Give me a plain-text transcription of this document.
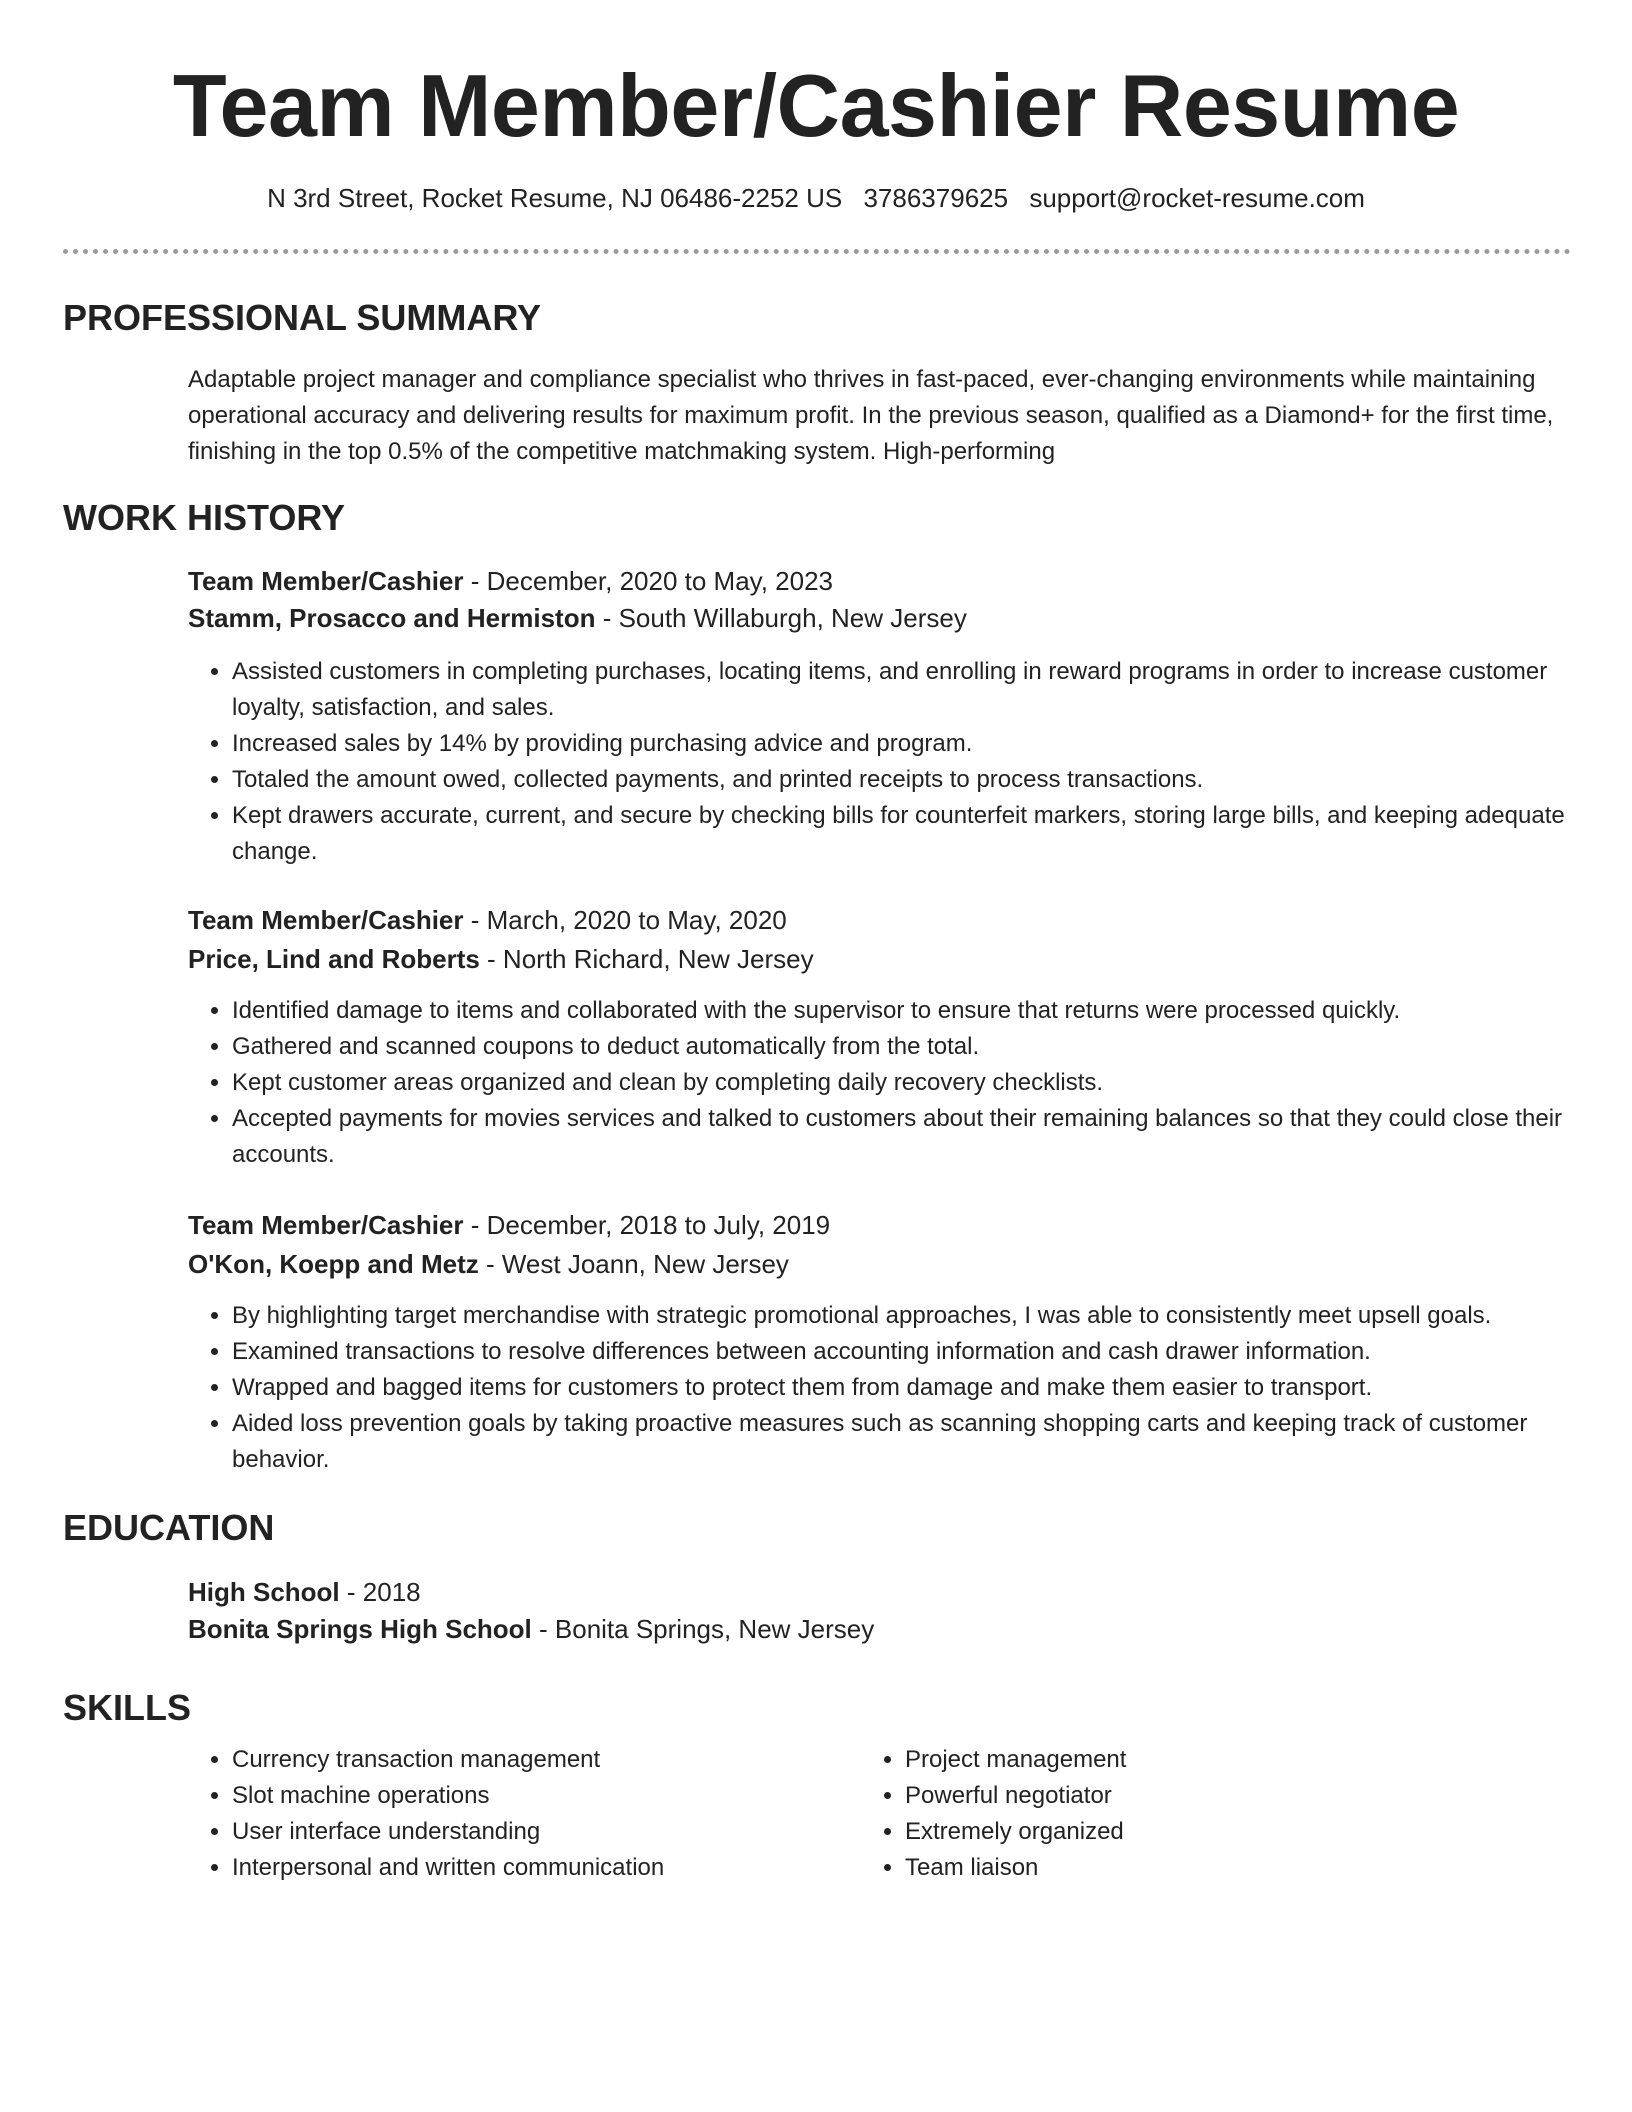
Team Member/Cashier Resume
N 3rd Street, Rocket Resume, NJ 06486-2252 US 3786379625 support@rocket-resume.com
PROFESSIONAL SUMMARY

Adaptable project manager and compliance specialist who thrives in fast-paced, ever-changing environments while maintaining operational accuracy and delivering results for maximum profit. In the previous season, qualified as a Diamond+ for the first time, finishing in the top 0.5% of the competitive matchmaking system. High-performing

WORK HISTORY
Team Member/Cashier - December, 2020 to May, 2023
Stamm, Prosacco and Hermiston - South Willaburgh, New Jersey
• Assisted customers in completing purchases, locating items, and enrolling in reward programs in order to increase customer loyalty, satisfaction, and sales.
• Increased sales by 14% by providing purchasing advice and program.
• Totaled the amount owed, collected payments, and printed receipts to process transactions.
• Kept drawers accurate, current, and secure by checking bills for counterfeit markers, storing large bills, and keeping adequate change.
Team Member/Cashier - March, 2020 to May, 2020
Price, Lind and Roberts - North Richard, New Jersey
• Identified damage to items and collaborated with the supervisor to ensure that returns were processed quickly.
• Gathered and scanned coupons to deduct automatically from the total.
• Kept customer areas organized and clean by completing daily recovery checklists.
• Accepted payments for movies services and talked to customers about their remaining balances so that they could close their accounts.
Team Member/Cashier - December, 2018 to July, 2019
O'Kon, Koepp and Metz - West Joann, New Jersey
• By highlighting target merchandise with strategic promotional approaches, I was able to consistently meet upsell goals.
• Examined transactions to resolve differences between accounting information and cash drawer information.
• Wrapped and bagged items for customers to protect them from damage and make them easier to transport.
• Aided loss prevention goals by taking proactive measures such as scanning shopping carts and keeping track of customer behavior.
EDUCATION
High School - 2018
Bonita Springs High School - Bonita Springs, New Jersey
SKILLS
• Currency transaction management
• Slot machine operations
• User interface understanding
• Interpersonal and written communication
• Project management
• Powerful negotiator
• Extremely organized
• Team liaison
